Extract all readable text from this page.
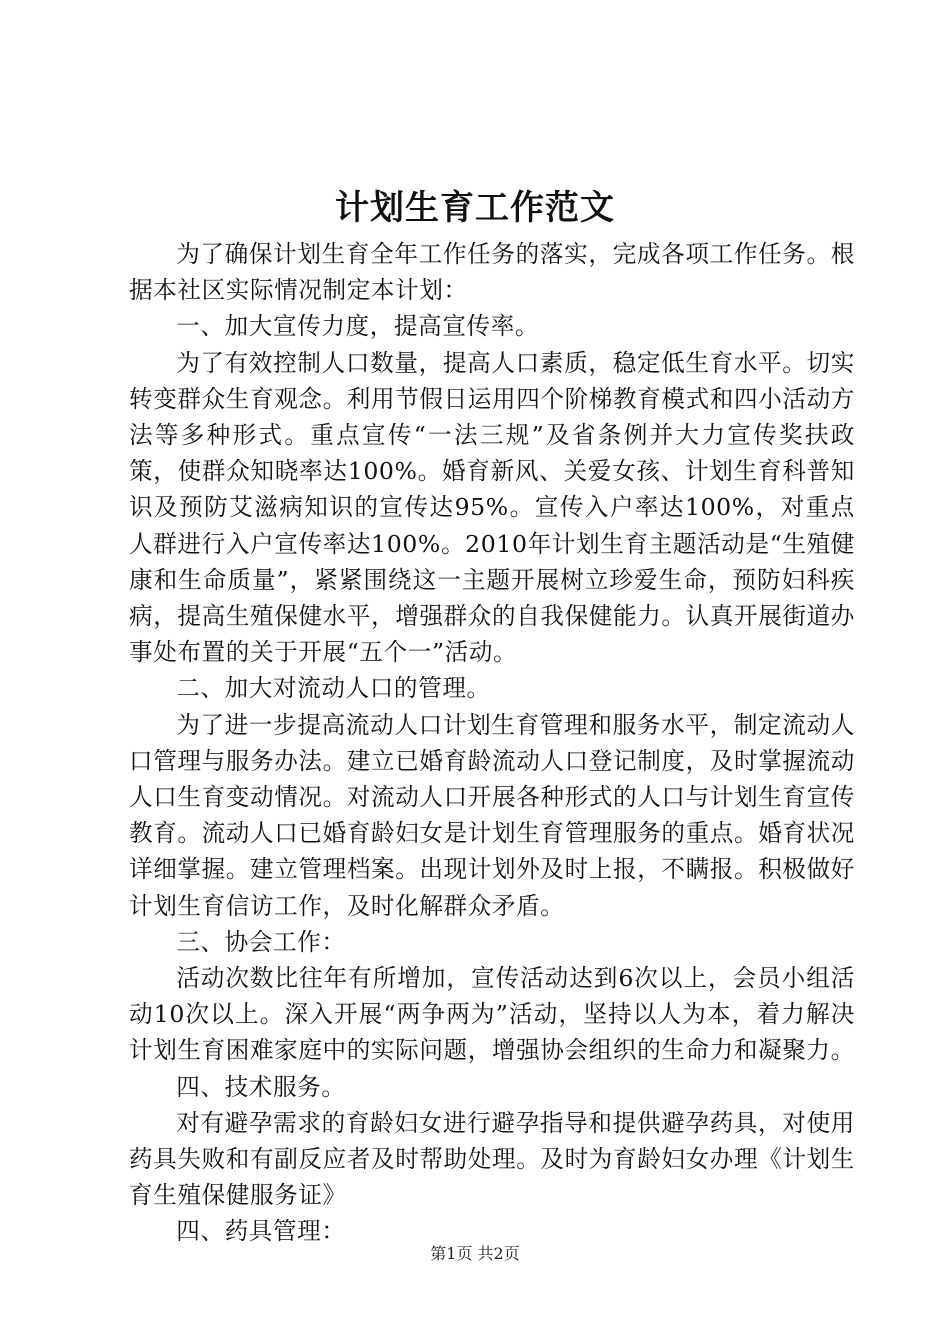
计划生育工作范文

为了确保计划生育全年工作任务的落实，完成各项工作任务。根据本社区实际情况制定本计划：

一、加大宣传力度，提高宣传率。

为了有效控制人口数量，提高人口素质，稳定低生育水平。切实转变群众生育观念。利用节假日运用四个阶梯教育模式和四小活动方法等多种形式。重点宣传“一法三规”及省条例并大力宣传奖扶政策，使群众知晓率达100%。婚育新风、关爱女孩、计划生育科普知识及预防艾滋病知识的宣传达95%。宣传入户率达100%，对重点人群进行入户宣传率达100%。2010年计划生育主题活动是“生殖健康和生命质量”，紧紧围绕这一主题开展树立珍爱生命，预防妇科疾病，提高生殖保健水平，增强群众的自我保健能力。认真开展街道办事处布置的关于开展“五个一”活动。

二、加大对流动人口的管理。

为了进一步提高流动人口计划生育管理和服务水平，制定流动人口管理与服务办法。建立已婚育龄流动人口登记制度，及时掌握流动人口生育变动情况。对流动人口开展各种形式的人口与计划生育宣传教育。流动人口已婚育龄妇女是计划生育管理服务的重点。婚育状况详细掌握。建立管理档案。出现计划外及时上报，不瞒报。积极做好计划生育信访工作，及时化解群众矛盾。

三、协会工作：

活动次数比往年有所增加，宣传活动达到6次以上，会员小组活动10次以上。深入开展“两争两为”活动，坚持以人为本，着力解决计划生育困难家庭中的实际问题，增强协会组织的生命力和凝聚力。

四、技术服务。

对有避孕需求的育龄妇女进行避孕指导和提供避孕药具，对使用药具失败和有副反应者及时帮助处理。及时为育龄妇女办理《计划生育生殖保健服务证》

四、药具管理：

第1页 共2页
